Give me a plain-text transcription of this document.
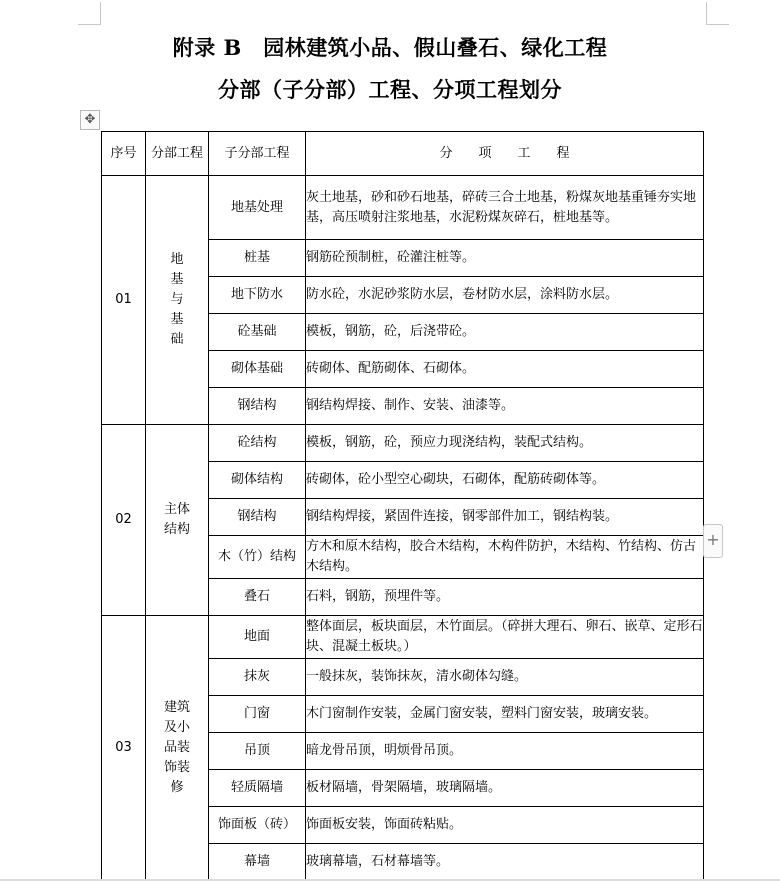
附录 B　园林建筑小品、假山叠石、绿化工程
分部（子分部）工程、分项工程划分
✥
序号	分部工程	子分部工程	分　　项　　工　　程
01	地基与基础	地基处理	灰土地基，砂和砂石地基，碎砖三合土地基，粉煤灰地基重锤夯实地基，高压喷射注浆地基，水泥粉煤灰碎石，桩地基等。
		桩基	钢筋砼预制桩，砼灌注桩等。
		地下防水	防水砼，水泥砂浆防水层，卷材防水层，涂料防水层。
		砼基础	模板，钢筋，砼，后浇带砼。
		砌体基础	砖砌体、配筋砌体、石砌体。
		钢结构	钢结构焊接、制作、安装、油漆等。
02	主体结构	砼结构	模板，钢筋，砼，预应力现浇结构，装配式结构。
		砌体结构	砖砌体，砼小型空心砌块，石砌体，配筋砖砌体等。
		钢结构	钢结构焊接，紧固件连接，钢零部件加工，钢结构装。
		木（竹）结构	方木和原木结构，胶合木结构，木构件防护，木结构、竹结构、仿古木结构。
		叠石	石料，钢筋，预埋件等。
03	建筑及小品装饰装修	地面	整体面层，板块面层，木竹面层。（碎拼大理石、卵石、嵌草、定形石块、混凝土板块。）
		抹灰	一般抹灰，装饰抹灰，清水砌体勾缝。
		门窗	木门窗制作安装，金属门窗安装，塑料门窗安装，玻璃安装。
		吊顶	暗龙骨吊顶，明烦骨吊顶。
		轻质隔墙	板材隔墙，骨架隔墙，玻璃隔墙。
		饰面板（砖）	饰面板安装，饰面砖粘贴。
		幕墙	玻璃幕墙，石材幕墙等。
+
